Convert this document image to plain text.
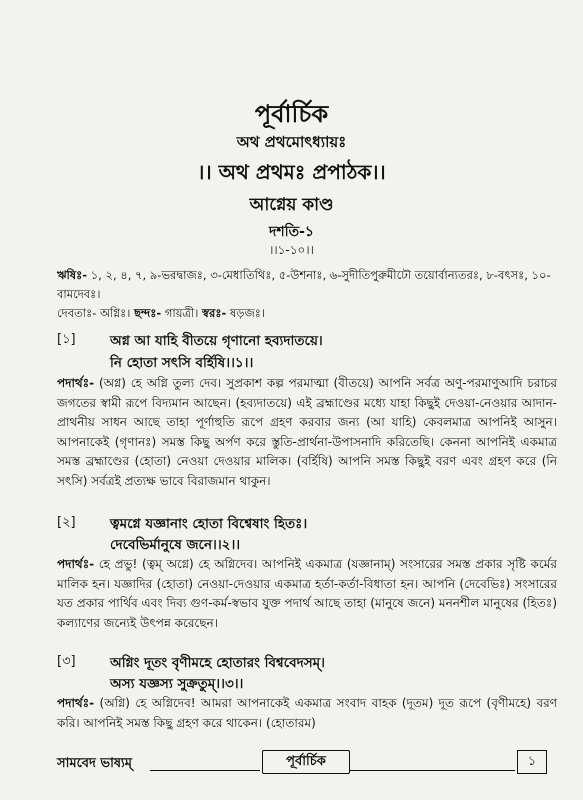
পূর্বার্চিক
অথ প্রথমোৎধ্যায়ঃ
।। অথ প্রথমঃ প্রপাঠক।।
আগ্নেয় কাণ্ড
দশতি-১
।।১-১০।।
ঋষিঃ- ১, ২, ৪, ৭, ৯-ভরদ্বাজঃ, ৩-মেধাতিথিঃ, ৫-উশনাঃ, ৬-সুদীতিপুরুমীঢৌ তয়োর্বান্যতরঃ, ৮-বৎসঃ, ১০-বামদেবঃ।
দেবতাঃ- অগ্নিঃ। ছন্দঃ- গায়ত্রী। স্বরঃ- ষড়জঃ।
[১]	অগ্ন আ যাহি বীতয়ে গৃণানো হব্যদাতয়ে।
নি হোতা সৎসি বর্হিষি।।১।।
পদার্থঃ- (অগ্ন) হে অগ্নি তুল্য দেব। সুপ্রকাশ কল্প পরমাত্মা (বীতয়ে) আপনি সর্বত্র অণু-পরমাণুআদি চরাচর জগতের স্বামী রূপে বিদ্যমান আছেন। (হব্যদাতয়ে) এই ব্রহ্মাণ্ডের মধ্যে যাহা কিছুই দেওয়া-নেওয়ার আদান-প্রাথনীয় সাধন আছে তাহা পূর্ণাহুতি রূপে গ্রহণ করবার জন্য (আ যাহি) কেবলমাত্র আপনিই আসুন। আপনাকেই (গৃণানঃ) সমস্ত কিছু অর্পণ করে স্তুতি-প্রার্থনা-উপাসনাদি করিতেছি। কেননা আপনিই একমাত্র সমস্ত ব্রহ্মাণ্ডের (হোতা) নেওয়া দেওয়ার মালিক। (বর্হিষি) আপনি সমস্ত কিছুই বরণ এবং গ্রহণ করে (নি সৎসি) সর্বত্রই প্রত্যক্ষ ভাবে বিরাজমান থাকুন।
[২]	ত্বমগ্নে যজ্ঞানাং হোতা বিশ্বেষাং হিতঃ।
দেবেভির্মানুষে জনে।।২।।
পদার্থঃ- হে প্রভু! (ত্বম্ অগ্নে) হে অগ্নিদেব। আপনিই একমাত্র (যজ্ঞানাম্) সংসারের সমস্ত প্রকার সৃষ্টি কর্মের মালিক হন। যজ্ঞাদির (হোতা) নেওয়া-দেওয়ার একমাত্র হর্তা-কর্তা-বিধাতা হন। আপনি (দেবেভিঃ) সংসারের যত প্রকার পার্থিব এবং দিব্য গুণ-কর্ম-স্বভাব যুক্ত পদার্থ আছে তাহা (মানুষে জনে) মননশীল মানুষের (হিতঃ) কল্যাণের জন্যেই উৎপন্ন করেছেন।
[৩]	অগ্নিং দূতং বৃণীমহে হোতারং বিশ্ববেদসম্।
অস্য যজ্ঞস্য সুক্রতুম্।।৩।।
পদার্থঃ- (অগ্নি) হে অগ্নিদেব! আমরা আপনাকেই একমাত্র সংবাদ বাহক (দূতম) দূত রূপে (বৃণীমহে) বরণ করি। আপনিই সমস্ত কিছু গ্রহণ করে থাকেন। (হোতারম)
সামবেদ ভাষ্যম্	পূর্বার্চিক	১
